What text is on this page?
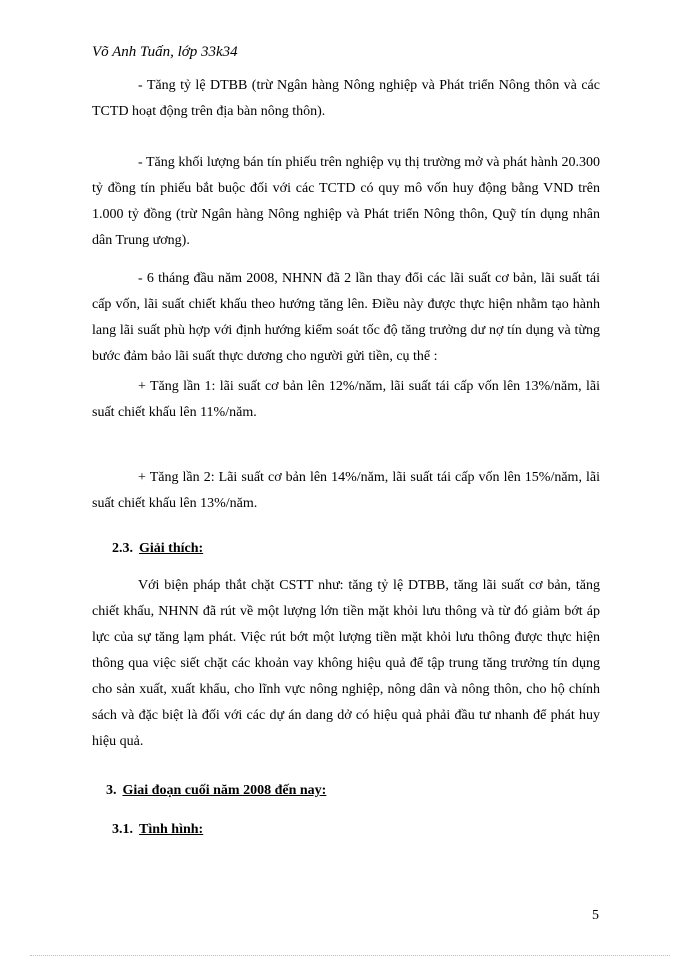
Võ Anh Tuấn, lớp 33k34

- Tăng tỷ lệ DTBB (trừ Ngân hàng Nông nghiệp và Phát triển Nông thôn và các TCTD hoạt động trên địa bàn nông thôn).

- Tăng khối lượng bán tín phiếu trên nghiệp vụ thị trường mở và phát hành 20.300 tỷ đồng tín phiếu bắt buộc đối với các TCTD có quy mô vốn huy động bằng VND trên 1.000 tỷ đồng (trừ Ngân hàng Nông nghiệp và Phát triển Nông thôn, Quỹ tín dụng nhân dân Trung ương).

- 6 tháng đầu năm 2008, NHNN đã 2 lần thay đổi các lãi suất cơ bản, lãi suất tái cấp vốn, lãi suất chiết khấu theo hướng tăng lên. Điều này được thực hiện nhằm tạo hành lang lãi suất phù hợp với định hướng kiểm soát tốc độ tăng trưởng dư nợ tín dụng và từng bước đảm bảo lãi suất thực dương cho người gửi tiền, cụ thể :

+ Tăng lần 1: lãi suất cơ bản lên 12%/năm, lãi suất tái cấp vốn lên 13%/năm, lãi suất chiết khấu lên 11%/năm.

+ Tăng lần 2: Lãi suất cơ bản lên 14%/năm, lãi suất tái cấp vốn lên 15%/năm, lãi suất chiết khấu lên 13%/năm.

2.3. Giải thích:

Với biện pháp thắt chặt CSTT như: tăng tỷ lệ DTBB, tăng lãi suất cơ bản, tăng chiết khấu, NHNN đã rút về một lượng lớn tiền mặt khỏi lưu thông và từ đó giảm bớt áp lực của sự tăng lạm phát. Việc rút bớt một lượng tiền mặt khỏi lưu thông được thực hiện thông qua việc siết chặt các khoản vay không hiệu quả để tập trung tăng trưởng tín dụng cho sản xuất, xuất khẩu, cho lĩnh vực nông nghiệp, nông dân và nông thôn, cho hộ chính sách và đặc biệt là đối với các dự án dang dở có hiệu quả phải đầu tư nhanh để phát huy hiệu quả.

3. Giai đoạn cuối năm 2008 đến nay:
3.1. Tình hình:
5
